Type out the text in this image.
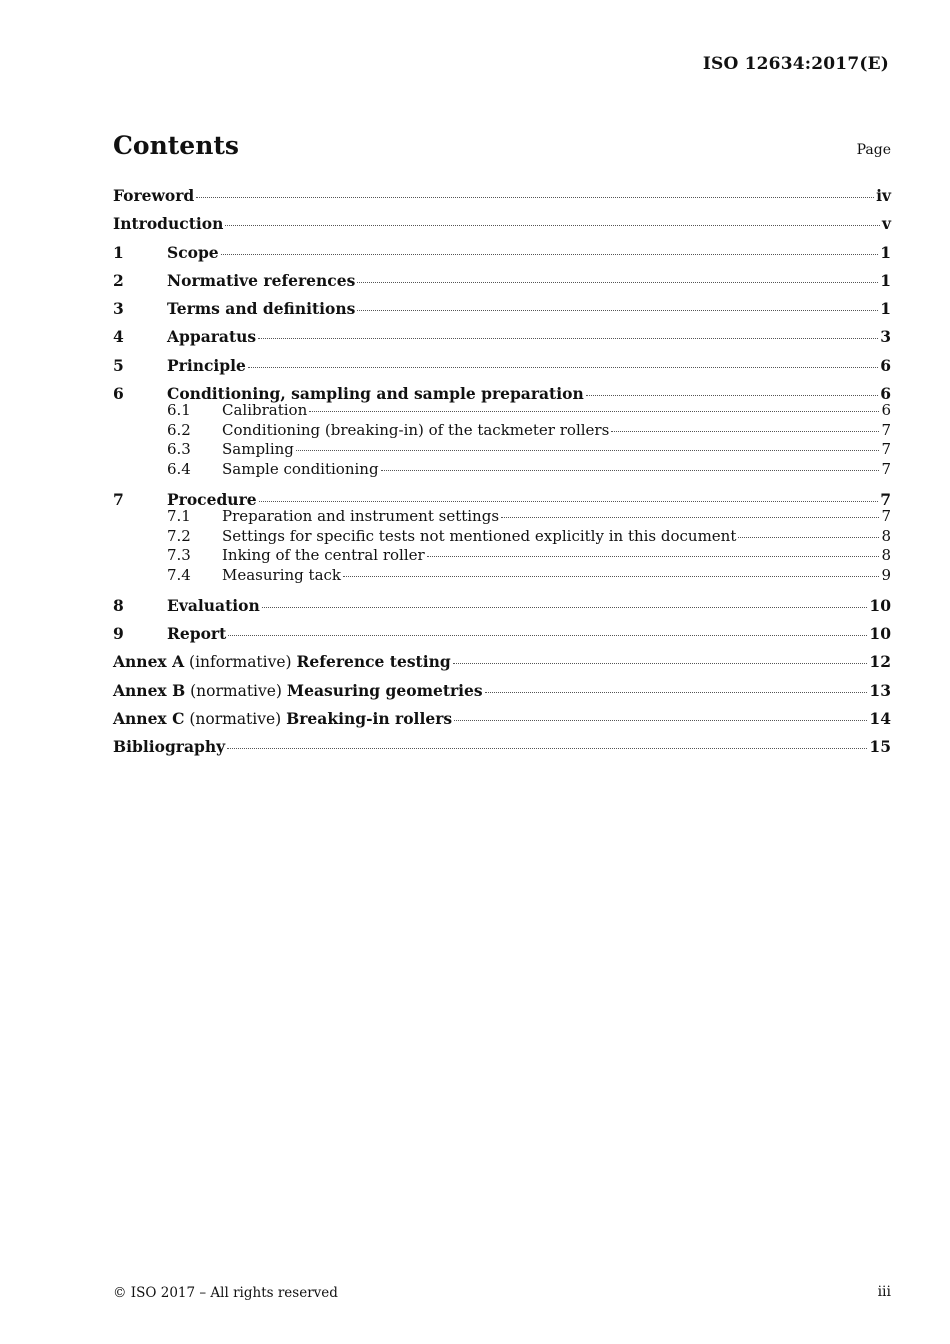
ISO 12634:2017(E)
Contents	Page
Foreword	iv
Introduction	v
1	Scope	1
2	Normative references	1
3	Terms and definitions	1
4	Apparatus	3
5	Principle	6
6	Conditioning, sampling and sample preparation	6
6.1	Calibration	6
6.2	Conditioning (breaking-in) of the tackmeter rollers	7
6.3	Sampling	7
6.4	Sample conditioning	7
7	Procedure	7
7.1	Preparation and instrument settings	7
7.2	Settings for specific tests not mentioned explicitly in this document	8
7.3	Inking of the central roller	8
7.4	Measuring tack	9
8	Evaluation	10
9	Report	10
Annex A (informative) Reference testing	12
Annex B (normative) Measuring geometries	13
Annex C (normative) Breaking-in rollers	14
Bibliography	15
© ISO 2017 – All rights reserved	iii
